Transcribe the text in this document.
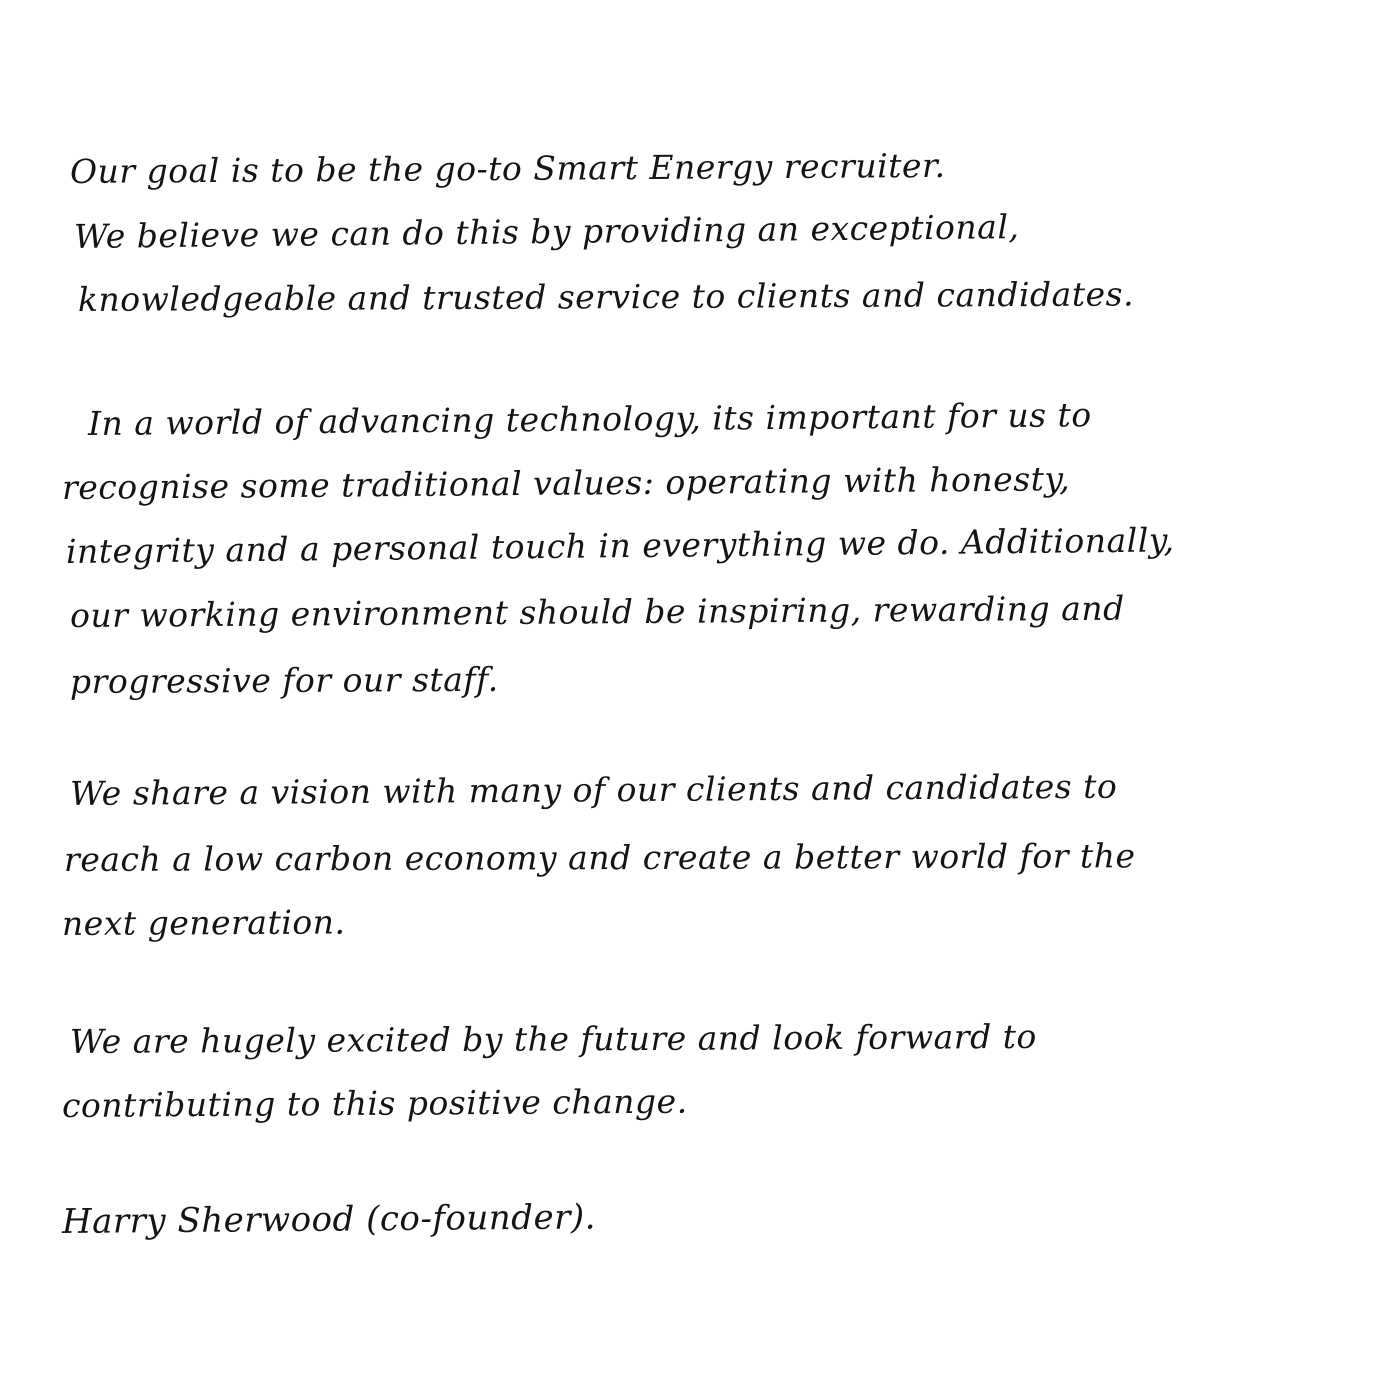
Our goal is to be the go-to Smart Energy recruiter.

We believe we can do this by providing an exceptional,

knowledgeable and trusted service to clients and candidates.

In a world of advancing technology, its important for us to

recognise some traditional values: operating with honesty,

integrity and a personal touch in everything we do. Additionally,

our working environment should be inspiring, rewarding and

progressive for our staff.

We share a vision with many of our clients and candidates to

reach a low carbon economy and create a better world for the

next generation.

We are hugely excited by the future and look forward to

contributing to this positive change.

Harry Sherwood (co-founder).
